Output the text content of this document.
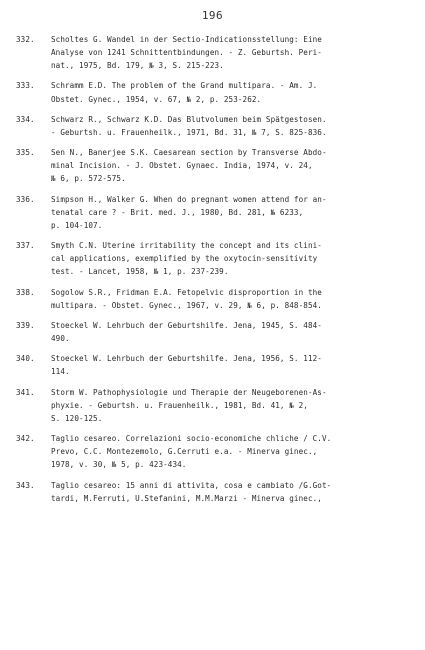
196
332.	Scholtes G. Wandel in der Sectio-Indicationsstellung: Eine
Analyse von 1241 Schnittentbindungen. - Z. Geburtsh. Peri-
nat., 1975, Bd. 179, № 3, S. 215-223.
333.	Schramm E.D. The problem of the Grand multipara. - Am. J.
Obstet. Gynec., 1954, v. 67, № 2, p. 253-262.
334.	Schwarz R., Schwarz K.D. Das Blutvolumen beim Spätgestosen.
- Geburtsh. u. Frauenheilk., 1971, Bd. 31, № 7, S. 825-836.
335.	Sen N., Banerjee S.K. Caesarean section by Transverse Abdo-
minal Incision. - J. Obstet. Gynaec. India, 1974, v. 24,
№ 6, p. 572-575.
336.	Simpson H., Walker G. When do pregnant women attend for an-
tenatal care ? - Brit. med. J., 1980, Bd. 281, № 6233,
p. 104-107.
337.	Smyth C.N. Uterine irritability the concept and its clini-
cal applications, exemplified by the oxytocin-sensitivity
test. - Lancet, 1958, № 1, p. 237-239.
338.	Sogolow S.R., Fridman E.A. Fetopelvic disproportion in the
multipara. - Obstet. Gynec., 1967, v. 29, № 6, p. 848-854.
339.	Stoeckel W. Lehrbuch der Geburtshilfe. Jena, 1945, S. 484-
490.
340.	Stoeckel W. Lehrbuch der Geburtshilfe. Jena, 1956, S. 112-
114.
341.	Storm W. Pathophysiologie und Therapie der Neugeborenen-As-
phyxie. - Geburtsh. u. Frauenheilk., 1981, Bd. 41, № 2,
S. 120-125.
342.	Taglio cesareo. Correlazioni socio-economiche chliche / C.V.
Prevo, C.C. Montezemolo, G.Cerruti e.a. - Minerva ginec.,
1978, v. 30, № 5, p. 423-434.
343.	Taglio cesareo: 15 anni di attivita, cosa e cambiato /G.Got-
tardi, M.Ferruti, U.Stefanini, M.M.Marzi - Minerva ginec.,
